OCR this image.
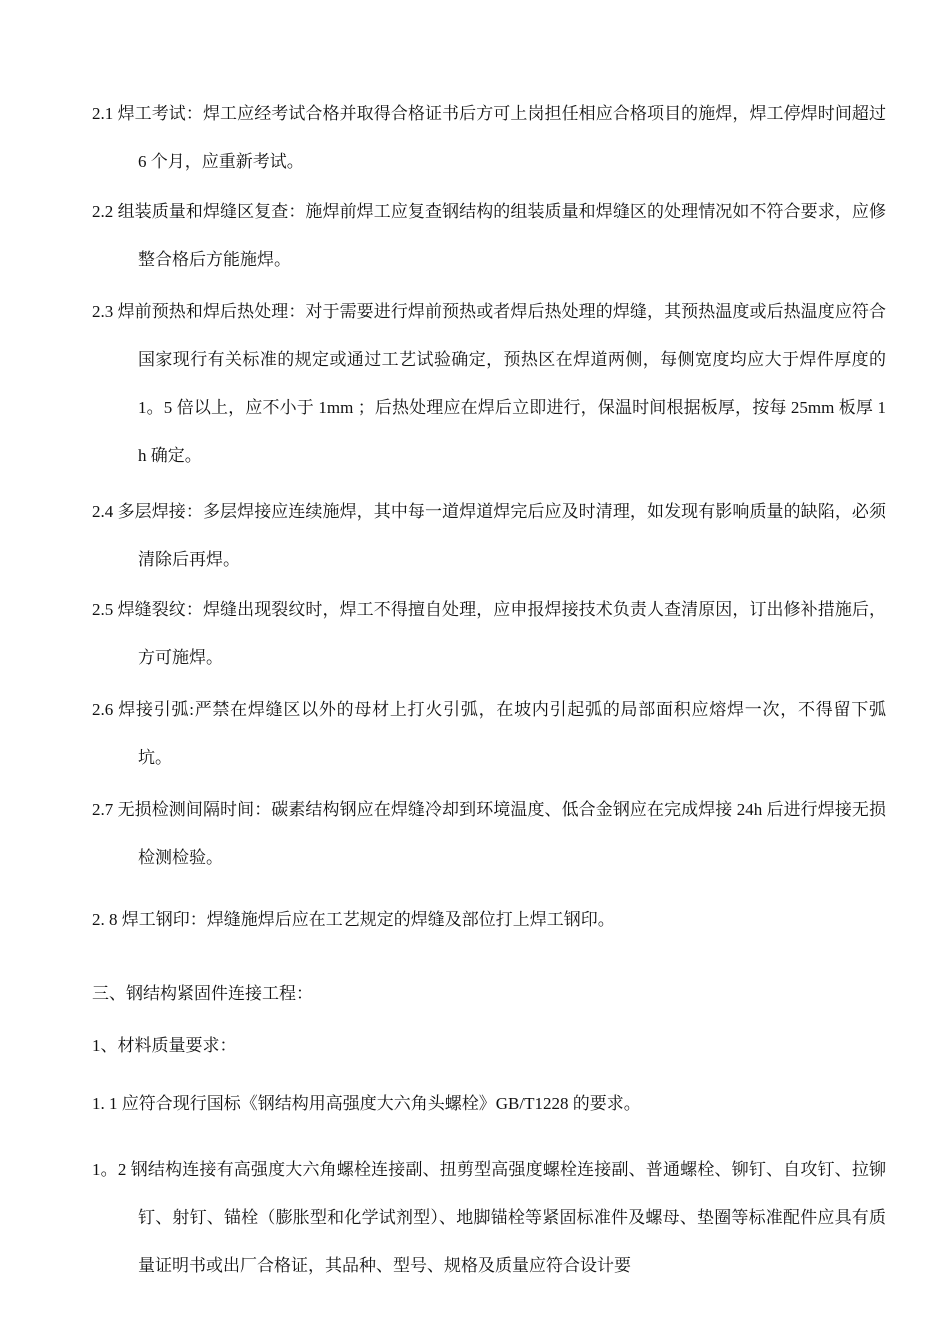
2.1 焊工考试：焊工应经考试合格并取得合格证书后方可上岗担任相应合格项目的施焊，焊工停焊时间超过 6 个月，应重新考试。

2.2 组装质量和焊缝区复查：施焊前焊工应复查钢结构的组装质量和焊缝区的处理情况如不符合要求，应修整合格后方能施焊。

2.3 焊前预热和焊后热处理：对于需要进行焊前预热或者焊后热处理的焊缝，其预热温度或后热温度应符合国家现行有关标准的规定或通过工艺试验确定，预热区在焊道两侧，每侧宽度均应大于焊件厚度的 1。5 倍以上，应不小于 1mm ；后热处理应在焊后立即进行，保温时间根据板厚，按每 25mm 板厚 1h 确定。

2.4 多层焊接：多层焊接应连续施焊，其中每一道焊道焊完后应及时清理，如发现有影响质量的缺陷，必须清除后再焊。

2.5 焊缝裂纹：焊缝出现裂纹时，焊工不得擅自处理，应申报焊接技术负责人查清原因，订出修补措施后，方可施焊。

2.6 焊接引弧:严禁在焊缝区以外的母材上打火引弧，在坡内引起弧的局部面积应熔焊一次，不得留下弧坑。

2.7 无损检测间隔时间：碳素结构钢应在焊缝冷却到环境温度、低合金钢应在完成焊接 24h 后进行焊接无损检测检验。

2. 8 焊工钢印：焊缝施焊后应在工艺规定的焊缝及部位打上焊工钢印。

三、钢结构紧固件连接工程：

1、材料质量要求：

1. 1 应符合现行国标《钢结构用高强度大六角头螺栓》GB/T1228 的要求。

1。2 钢结构连接有高强度大六角螺栓连接副、扭剪型高强度螺栓连接副、普通螺栓、铆钉、自攻钉、拉铆钉、射钉、锚栓（膨胀型和化学试剂型）、地脚锚栓等紧固标准件及螺母、垫圈等标准配件应具有质量证明书或出厂合格证，其品种、型号、规格及质量应符合设计要
